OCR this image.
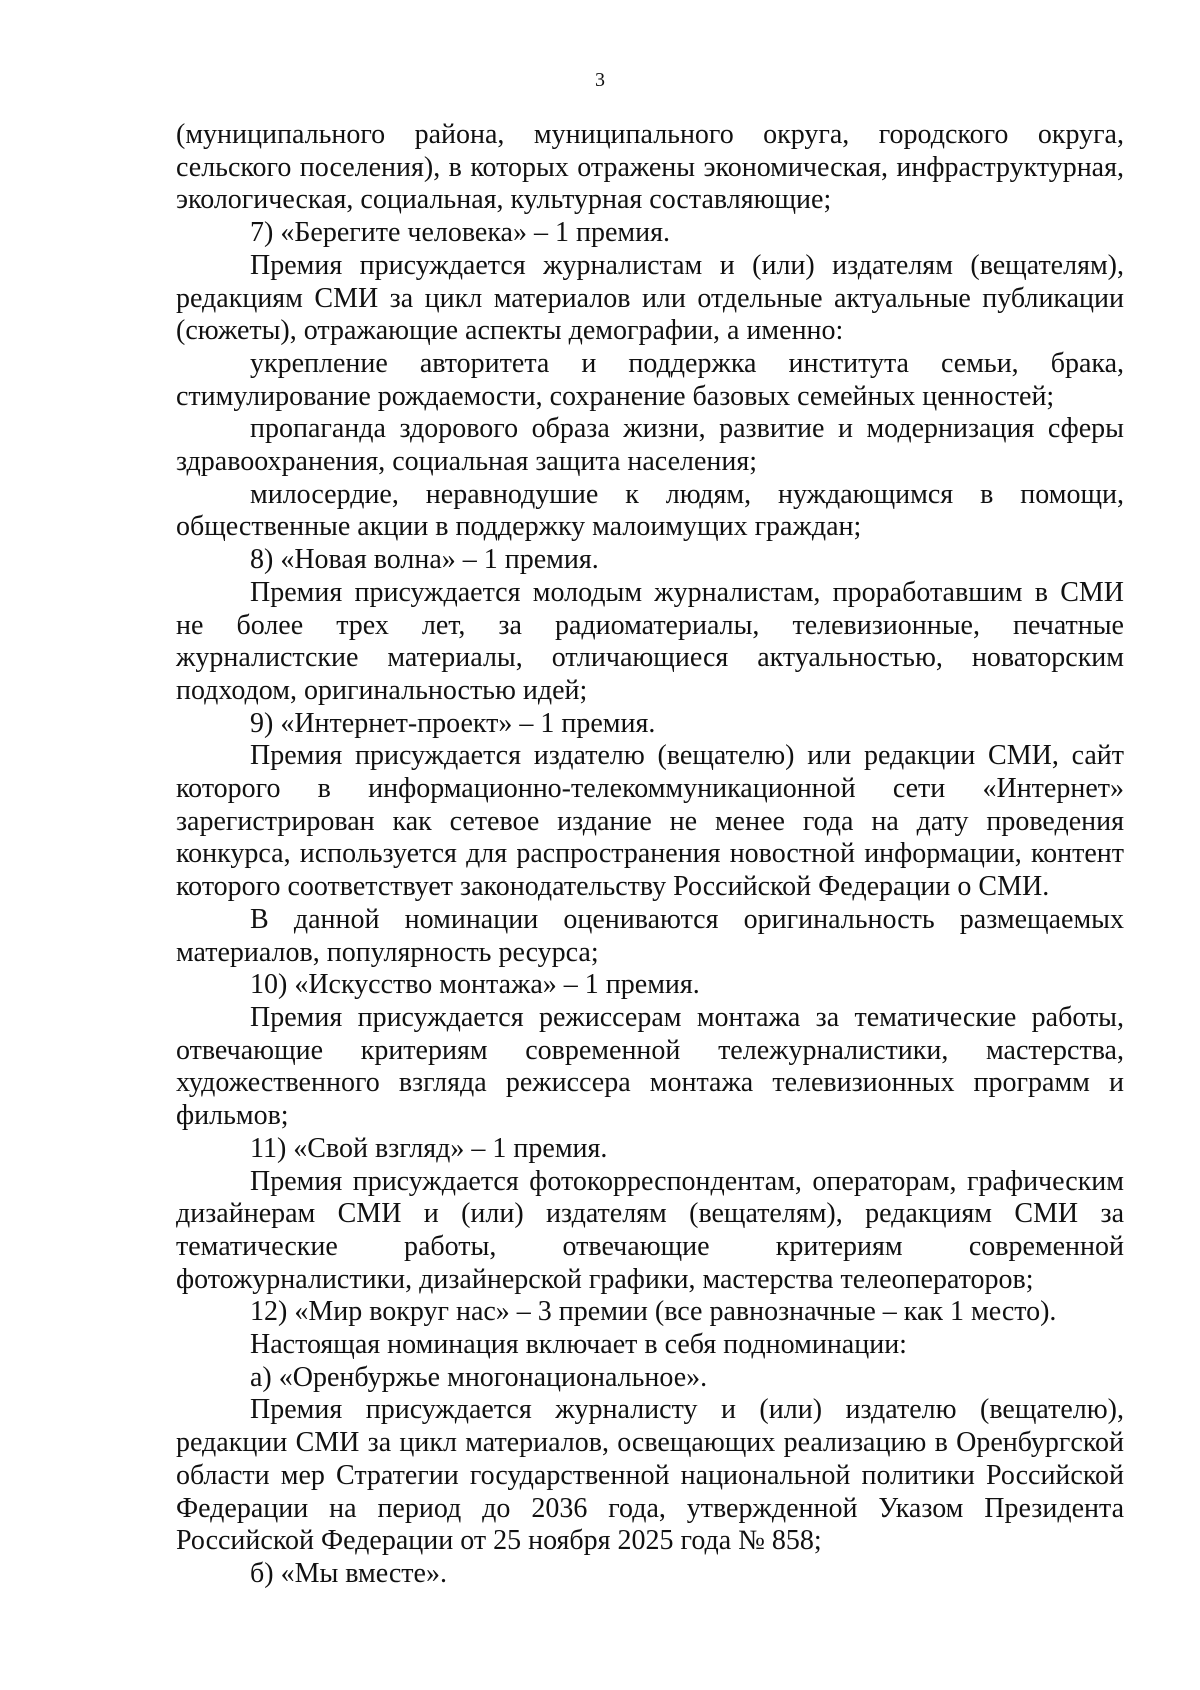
3

(муниципального района, муниципального округа, городского округа, сельского поселения), в которых отражены экономическая, инфраструктурная, экологическая, социальная, культурная составляющие;

7) «Берегите человека» – 1 премия.

Премия присуждается журналистам и (или) издателям (вещателям), редакциям СМИ за цикл материалов или отдельные актуальные публикации (сюжеты), отражающие аспекты демографии, а именно:

укрепление авторитета и поддержка института семьи, брака, стимулирование рождаемости, сохранение базовых семейных ценностей;

пропаганда здорового образа жизни, развитие и модернизация сферы здравоохранения, социальная защита населения;

милосердие, неравнодушие к людям, нуждающимся в помощи, общественные акции в поддержку малоимущих граждан;

8) «Новая волна» – 1 премия.

Премия присуждается молодым журналистам, проработавшим в СМИ не более трех лет, за радиоматериалы, телевизионные, печатные журналистские материалы, отличающиеся актуальностью, новаторским подходом, оригинальностью идей;

9) «Интернет-проект» – 1 премия.

Премия присуждается издателю (вещателю) или редакции СМИ, сайт которого в информационно-телекоммуникационной сети «Интернет» зарегистрирован как сетевое издание не менее года на дату проведения конкурса, используется для распространения новостной информации, контент которого соответствует законодательству Российской Федерации о СМИ.

В данной номинации оцениваются оригинальность размещаемых материалов, популярность ресурса;

10) «Искусство монтажа» – 1 премия.

Премия присуждается режиссерам монтажа за тематические работы, отвечающие критериям современной тележурналистики, мастерства, художественного взгляда режиссера монтажа телевизионных программ и фильмов;

11) «Свой взгляд» – 1 премия.

Премия присуждается фотокорреспондентам, операторам, графическим дизайнерам СМИ и (или) издателям (вещателям), редакциям СМИ за тематические работы, отвечающие критериям современной фотожурналистики, дизайнерской графики, мастерства телеоператоров;

12) «Мир вокруг нас» – 3 премии (все равнозначные – как 1 место).

Настоящая номинация включает в себя подноминации:

а) «Оренбуржье многонациональное».

Премия присуждается журналисту и (или) издателю (вещателю), редакции СМИ за цикл материалов, освещающих реализацию в Оренбургской области мер Стратегии государственной национальной политики Российской Федерации на период до 2036 года, утвержденной Указом Президента Российской Федерации от 25 ноября 2025 года № 858;

б) «Мы вместе».
